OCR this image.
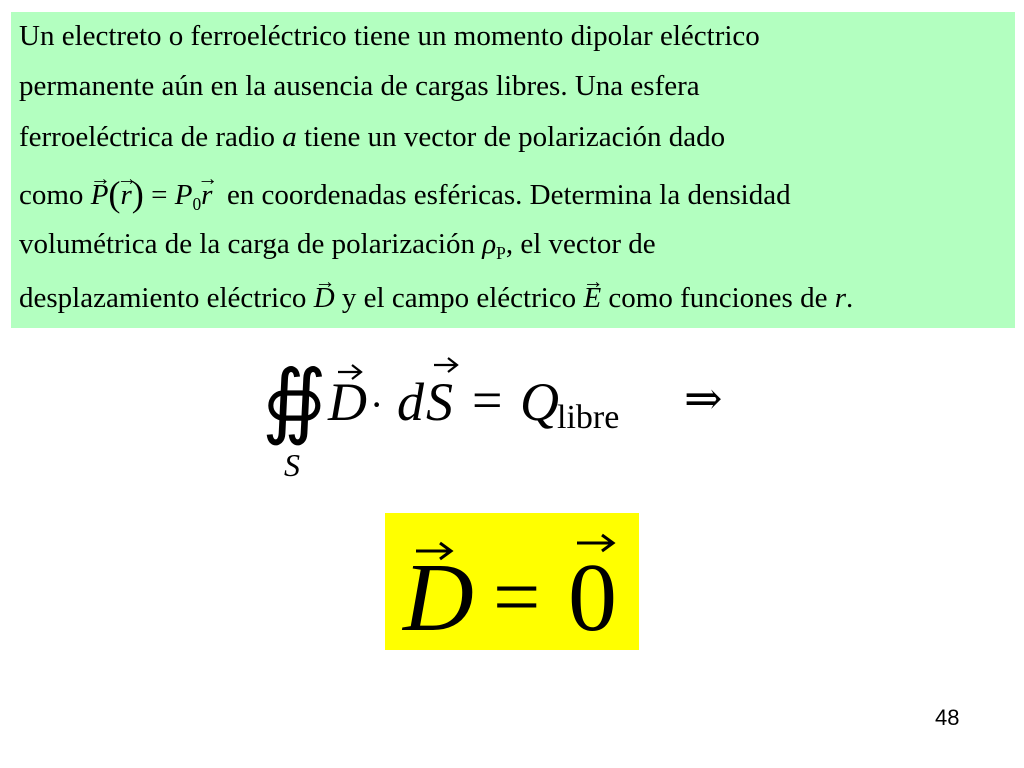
Un electreto o ferroeléctrico tiene un momento dipolar eléctrico
permanente aún en la ausencia de cargas libres. Una esfera
ferroeléctrica de radio a tiene un vector de polarización dado
como → $P(\to r) = P_0\to r$ en coordenadas esféricas. Determina la densidad
volumétrica de la carga de polarización $\rho_P$, el vector de
desplazamiento eléctrico → D y el campo eléctrico → E como funciones de r.
∯
S
D · d S = Q
libre ⇒
D = 0
48
